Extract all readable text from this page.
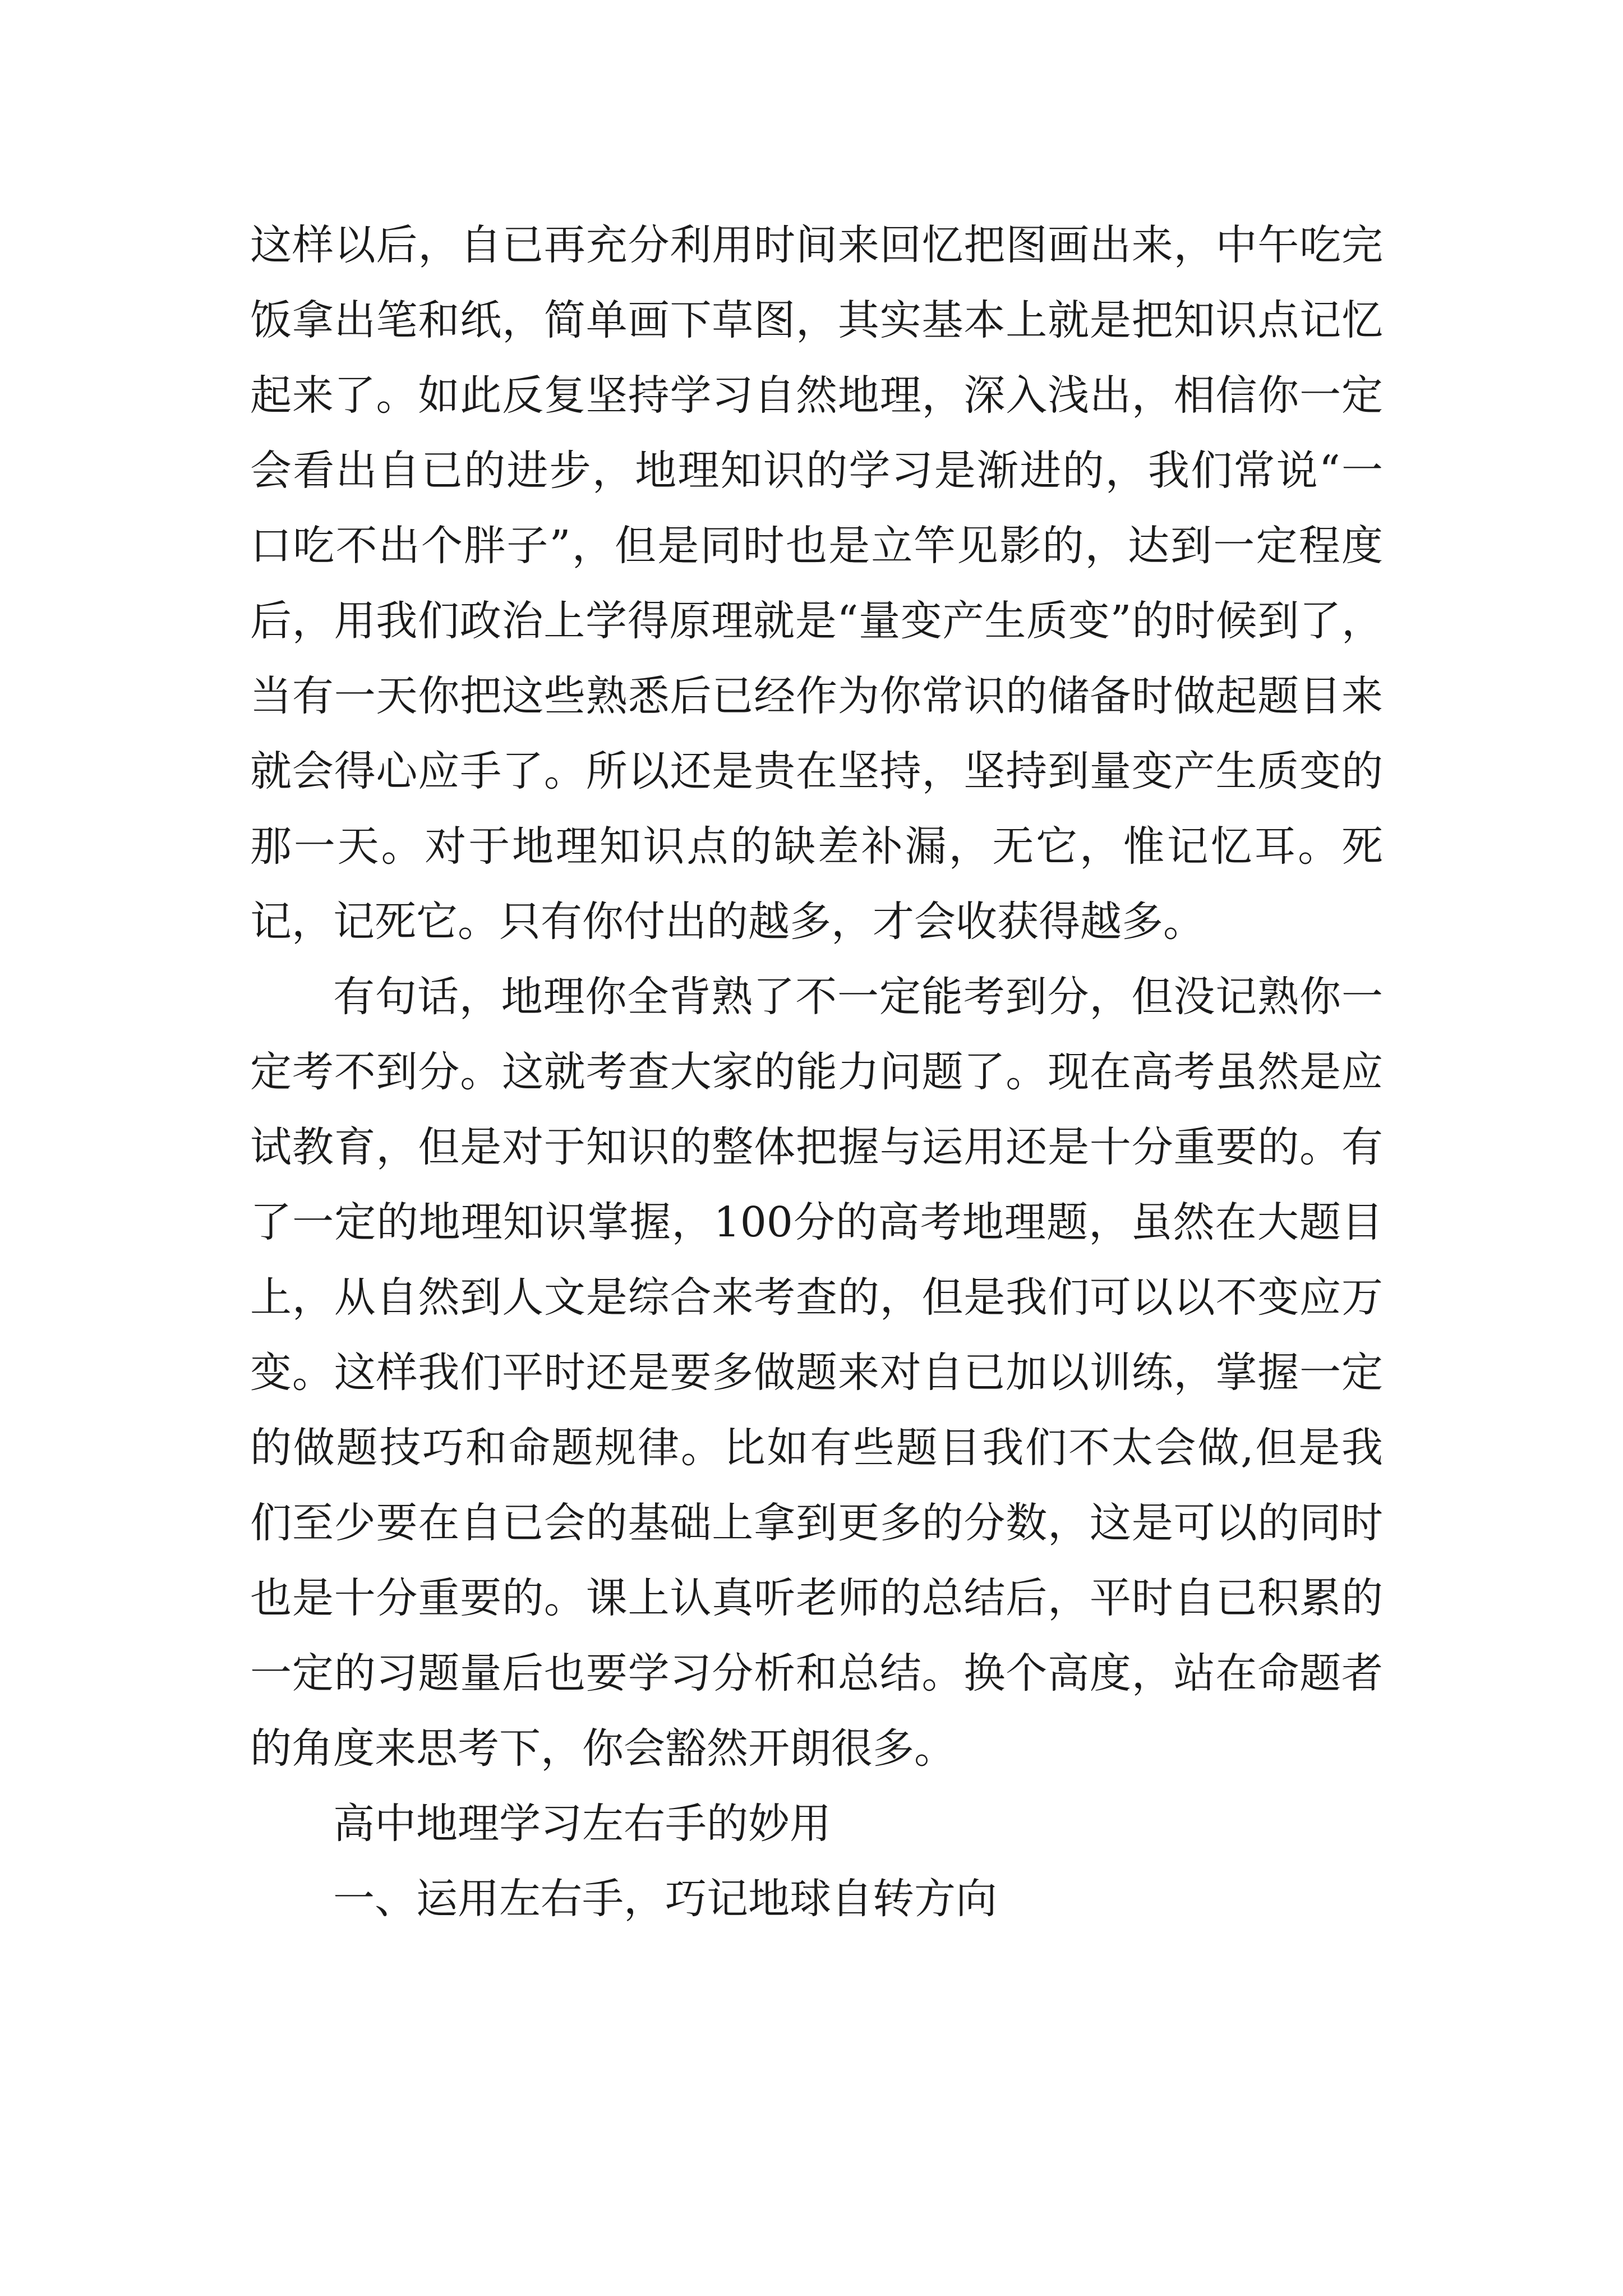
这样以后，自已再充分利用时间来回忆把图画出来，中午吃完饭拿出笔和纸，简单画下草图，其实基本上就是把知识点记忆起来了。如此反复坚持学习自然地理，深入浅出，相信你一定会看出自已的进步，地理知识的学习是渐进的，我们常说“一口吃不出个胖子”，但是同时也是立竿见影的，达到一定程度后，用我们政治上学得原理就是“量变产生质变”的时候到了，当有一天你把这些熟悉后已经作为你常识的储备时做起题目来就会得心应手了。所以还是贵在坚持，坚持到量变产生质变的那一天。对于地理知识点的缺差补漏，无它，惟记忆耳。死记，记死它。只有你付出的越多，才会收获得越多。

有句话，地理你全背熟了不一定能考到分，但没记熟你一定考不到分。这就考查大家的能力问题了。现在高考虽然是应试教育，但是对于知识的整体把握与运用还是十分重要的。有了一定的地理知识掌握，100分的高考地理题，虽然在大题目上，从自然到人文是综合来考查的，但是我们可以以不变应万变。这样我们平时还是要多做题来对自已加以训练，掌握一定的做题技巧和命题规律。比如有些题目我们不太会做,但是我们至少要在自已会的基础上拿到更多的分数，这是可以的同时也是十分重要的。课上认真听老师的总结后，平时自已积累的一定的习题量后也要学习分析和总结。换个高度，站在命题者的角度来思考下，你会豁然开朗很多。

高中地理学习左右手的妙用

一、运用左右手，巧记地球自转方向
